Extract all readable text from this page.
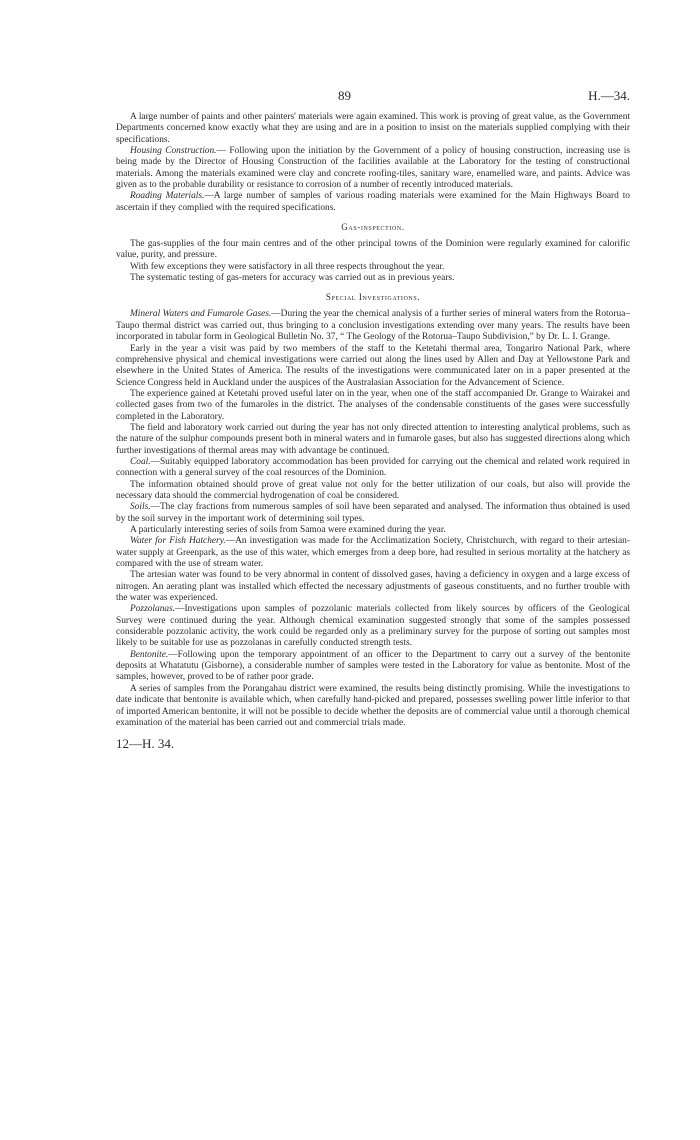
89	H.—34.

A large number of paints and other painters' materials were again examined. This work is proving of great value, as the Government Departments concerned know exactly what they are using and are in a position to insist on the materials supplied complying with their specifications.

Housing Construction.— Following upon the initiation by the Government of a policy of housing construction, increasing use is being made by the Director of Housing Construction of the facilities available at the Laboratory for the testing of constructional materials. Among the materials examined were clay and concrete roofing-tiles, sanitary ware, enamelled ware, and paints. Advice was given as to the probable durability or resistance to corrosion of a number of recently introduced materials.

Roading Materials.—A large number of samples of various roading materials were examined for the Main Highways Board to ascertain if they complied with the required specifications.

Gas-inspection.

The gas-supplies of the four main centres and of the other principal towns of the Dominion were regularly examined for calorific value, purity, and pressure.

With few exceptions they were satisfactory in all three respects throughout the year.

The systematic testing of gas-meters for accuracy was carried out as in previous years.

Special Investigations.

Mineral Waters and Fumarole Gases.—During the year the chemical analysis of a further series of mineral waters from the Rotorua–Taupo thermal district was carried out, thus bringing to a conclusion investigations extending over many years. The results have been incorporated in tabular form in Geological Bulletin No. 37, “ The Geology of the Rotorua–Taupo Subdivision,” by Dr. L. I. Grange.

Early in the year a visit was paid by two members of the staff to the Ketetahi thermal area, Tongariro National Park, where comprehensive physical and chemical investigations were carried out along the lines used by Allen and Day at Yellowstone Park and elsewhere in the United States of America. The results of the investigations were communicated later on in a paper presented at the Science Congress held in Auckland under the auspices of the Australasian Association for the Advancement of Science.

The experience gained at Ketetahi proved useful later on in the year, when one of the staff accompanied Dr. Grange to Wairakei and collected gases from two of the fumaroles in the district. The analyses of the condensable constituents of the gases were successfully completed in the Laboratory.

The field and laboratory work carried out during the year has not only directed attention to interesting analytical problems, such as the nature of the sulphur compounds present both in mineral waters and in fumarole gases, but also has suggested directions along which further investigations of thermal areas may with advantage be continued.

Coal.—Suitably equipped laboratory accommodation has been provided for carrying out the chemical and related work required in connection with a general survey of the coal resources of the Dominion.

The information obtained should prove of great value not only for the better utilization of our coals, but also will provide the necessary data should the commercial hydrogenation of coal be considered.

Soils.—The clay fractions from numerous samples of soil have been separated and analysed. The information thus obtained is used by the soil survey in the important work of determining soil types.

A particularly interesting series of soils from Samoa were examined during the year.

Water for Fish Hatchery.—An investigation was made for the Acclimatization Society, Christchurch, with regard to their artesian-water supply at Greenpark, as the use of this water, which emerges from a deep bore, had resulted in serious mortality at the hatchery as compared with the use of stream water.

The artesian water was found to be very abnormal in content of dissolved gases, having a deficiency in oxygen and a large excess of nitrogen. An aerating plant was installed which effected the necessary adjustments of gaseous constituents, and no further trouble with the water was experienced.

Pozzolanas.—Investigations upon samples of pozzolanic materials collected from likely sources by officers of the Geological Survey were continued during the year. Although chemical examination suggested strongly that some of the samples possessed considerable pozzolanic activity, the work could be regarded only as a preliminary survey for the purpose of sorting out samples most likely to be suitable for use as pozzolanas in carefully conducted strength tests.

Bentonite.—Following upon the temporary appointment of an officer to the Department to carry out a survey of the bentonite deposits at Whatatutu (Gisborne), a considerable number of samples were tested in the Laboratory for value as bentonite. Most of the samples, however, proved to be of rather poor grade.

A series of samples from the Porangahau district were examined, the results being distinctly promising. While the investigations to date indicate that bentonite is available which, when carefully hand-picked and prepared, possesses swelling power little inferior to that of imported American bentonite, it will not be possible to decide whether the deposits are of commercial value until a thorough chemical examination of the material has been carried out and commercial trials made.

12—H. 34.
